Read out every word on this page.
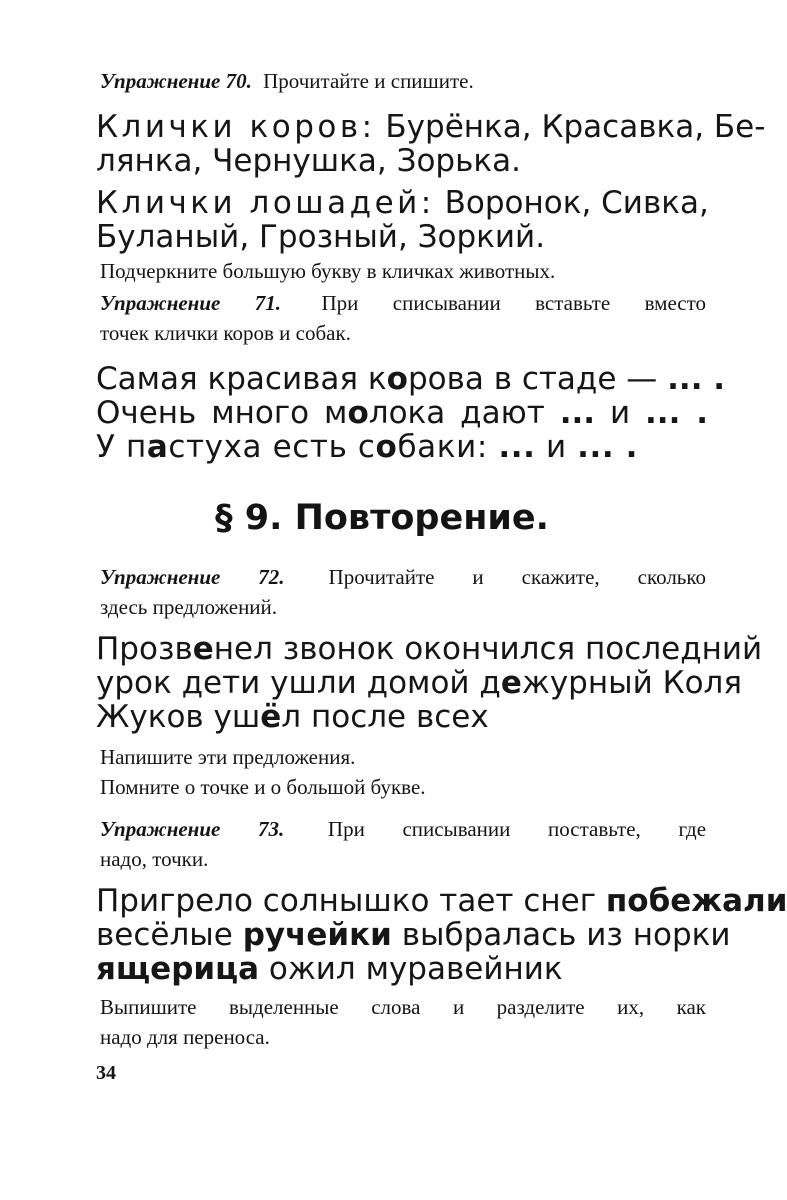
Упражнение 70. Прочитайте и спишите.
Клички коров: Бурёнка, Красавка, Бе-
лянка, Чернушка, Зорька.
Клички лошадей: Воронок, Сивка,
Буланый, Грозный, Зоркий.
Подчеркните большую букву в кличках животных.
Упражнение 71. При списывании вставьте вместо
точек клички коров и собак.
Самая красивая корова в стаде — ... .
Очень много молока дают ... и ... .
У пастуха есть собаки: ... и ... .
§ 9. Повторение.
Упражнение 72. Прочитайте и скажите, сколько
здесь предложений.
Прозвенел звонок окончился последний
урок дети ушли домой дежурный Коля
Жуков ушёл после всех
Напишите эти предложения.
Помните о точке и о большой букве.
Упражнение 73. При списывании поставьте, где
надо, точки.
Пригрело солнышко тает снег побежали
весёлые ручейки выбралась из норки
ящерица ожил муравейник
Выпишите выделенные слова и разделите их, как
надо для переноса.
34
